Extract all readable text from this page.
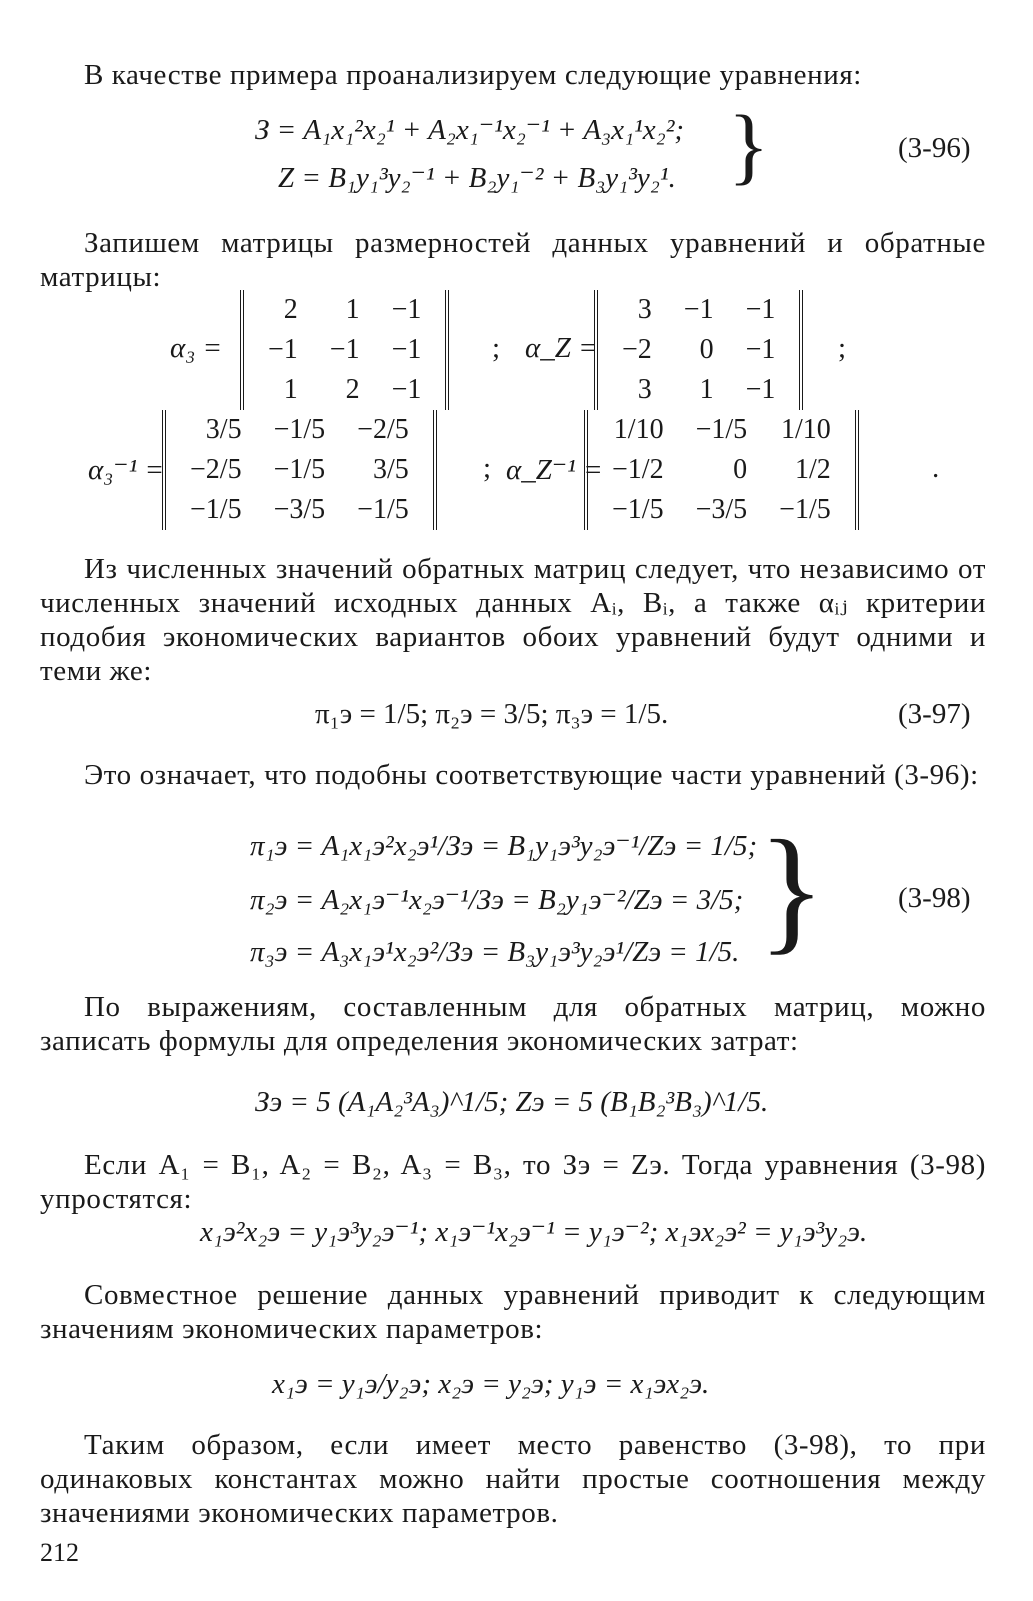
В качестве примера проанализируем следующие уравнения:
З = A₁x₁²x₂¹ + A₂x₁⁻¹x₂⁻¹ + A₃x₁¹x₂²;
Z = B₁y₁³y₂⁻¹ + B₂y₁⁻² + B₃y₁³y₂¹. }	(3-96)
Запишем матрицы размерностей данных уравнений и обратные матрицы:
α₃ =
2	1	−1
−1	−1	−1
1	2	−1
; α_Z =
3	−1	−1
−2	0	−1
3	1	−1
;
α₃⁻¹ =
3/5	−1/5	−2/5
−2/5	−1/5	3/5
−1/5	−3/5	−1/5
; α_Z⁻¹ =
1/10	−1/5	1/10
−1/2	0	1/2
−1/5	−3/5	−1/5
.
Из численных значений обратных матриц следует, что независимо от численных значений исходных данных Aᵢ, Bᵢ, а также αᵢⱼ критерии подобия экономических вариантов обоих уравнений будут одними и теми же:
π₁э = 1/5; π₂э = 3/5; π₃э = 1/5.	(3-97)
Это означает, что подобны соответствующие части уравнений (3-96):
π₁э = A₁x₁э²x₂э¹/Зэ = B₁y₁э³y₂э⁻¹/Zэ = 1/5;
π₂э = A₂x₁э⁻¹x₂э⁻¹/Зэ = B₂y₁э⁻²/Zэ = 3/5;
π₃э = A₃x₁э¹x₂э²/Зэ = B₃y₁э³y₂э¹/Zэ = 1/5. }	(3-98)
По выражениям, составленным для обратных матриц, можно записать формулы для определения экономических затрат:
Зэ = 5 (A₁A₂³A₃)^1/5; Zэ = 5 (B₁B₂³B₃)^1/5.
Если A₁ = B₁, A₂ = B₂, A₃ = B₃, то Зэ = Zэ. Тогда уравнения (3-98) упростятся:
x₁э²x₂э = y₁э³y₂э⁻¹; x₁э⁻¹x₂э⁻¹ = y₁э⁻²; x₁эx₂э² = y₁э³y₂э.
Совместное решение данных уравнений приводит к следующим значениям экономических параметров:
x₁э = y₁э/y₂э; x₂э = y₂э; y₁э = x₁эx₂э.
Таким образом, если имеет место равенство (3-98), то при одинаковых константах можно найти простые соотношения между значениями экономических параметров.
212
